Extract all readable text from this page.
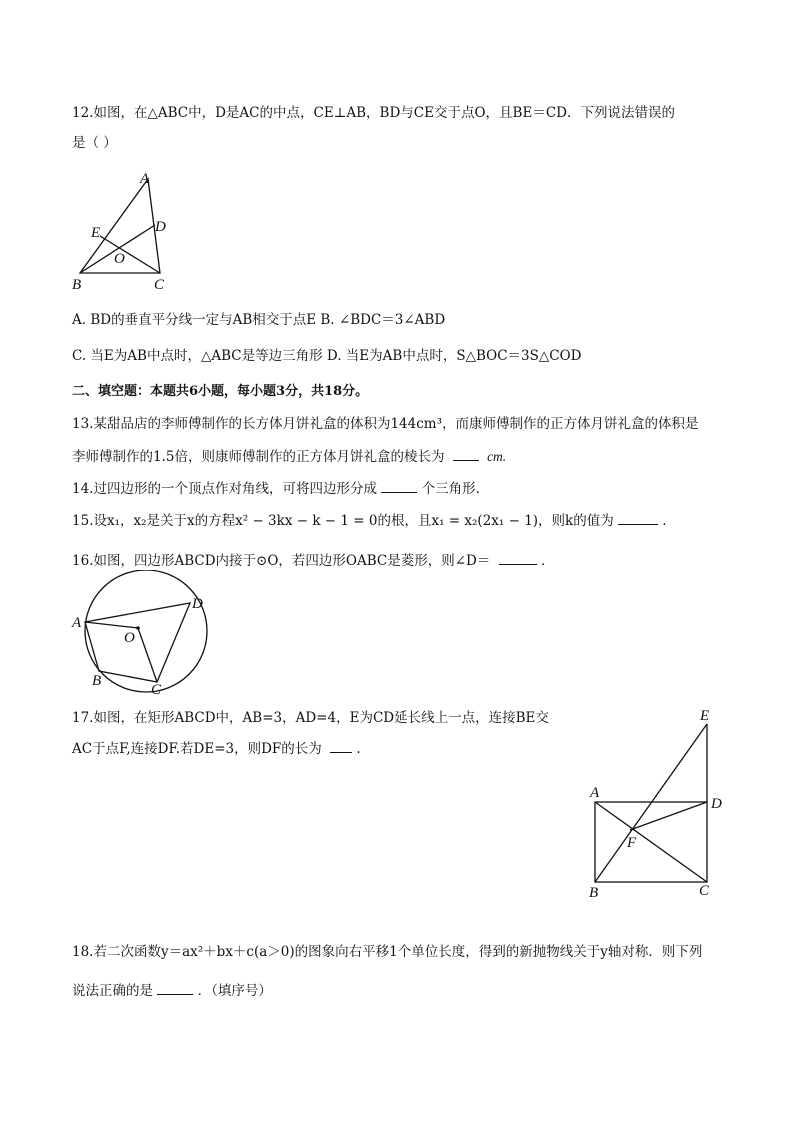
12.如图，在△ABC中，D是AC的中点，CE⊥AB，BD与CE交于点O，且BE＝CD．下列说法错误的
是（ ）
A
E	D
O
B	C
A. BD的垂直平分线一定与AB相交于点E B. ∠BDC＝3∠ABD
C. 当E为AB中点时，△ABC是等边三角形 D. 当E为AB中点时，S△BOC＝3S△COD
二、填空题：本题共6小题，每小题3分，共18分。
13.某甜品店的李师傅制作的长方体月饼礼盒的体积为144cm³，而康师傅制作的正方体月饼礼盒的体积是
李师傅制作的1.5倍，则康师傅制作的正方体月饼礼盒的棱长为	cm.
14.过四边形的一个顶点作对角线，可将四边形分成	个三角形．
15.设x₁，x₂是关于x的方程x² − 3kx − k − 1 = 0的根，且x₁ = x₂(2x₁ − 1)，则k的值为	．
16.如图，四边形ABCD内接于⊙O，若四边形OABC是菱形，则∠D＝	．
A
O
D
B
C
17.如图，在矩形ABCD中，AB=3，AD=4，E为CD延长线上一点，连接BE交
AC于点F,连接DF.若DE=3，则DF的长为	.
E
A
D
F
B	C
18.若二次函数y＝ax²＋bx＋c(a＞0)的图象向右平移1个单位长度，得到的新抛物线关于y轴对称．则下列
说法正确的是	．（填序号）
